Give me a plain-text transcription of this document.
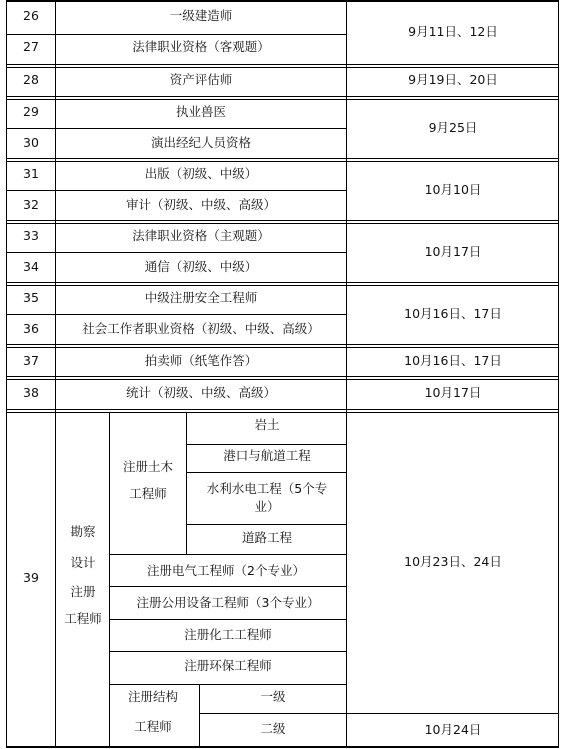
26
27
28
29
30
31
32
33
34
35
36
37
38
39
一级建造师
法律职业资格（客观题）
资产评估师
执业兽医
演出经纪人员资格
出版（初级、中级）
审计（初级、中级、高级）
法律职业资格（主观题）
通信（初级、中级）
中级注册安全工程师
社会工作者职业资格（初级、中级、高级）
拍卖师（纸笔作答）
统计（初级、中级、高级）
9月11日、12日
9月19日、20日
9月25日
10月10日
10月17日
10月16日、17日
10月16日、17日
10月17日
10月23日、24日
10月24日
勘察
设计
注册
工程师
注册土木
工程师
岩土
港口与航道工程
水利水电工程（5个专
业）
道路工程
注册电气工程师（2个专业）
注册公用设备工程师（3个专业）
注册化工工程师
注册环保工程师
注册结构
工程师
一级
二级
